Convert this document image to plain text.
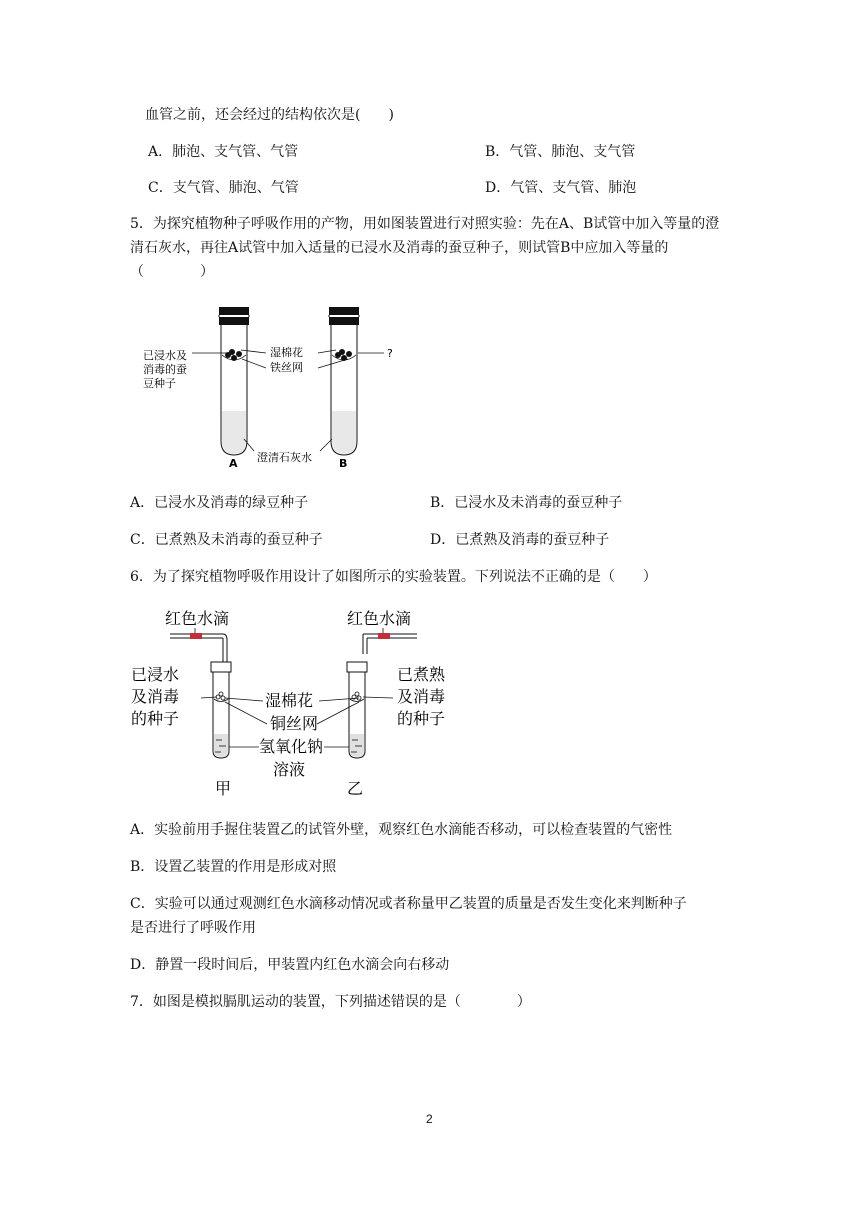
血管之前，还会经过的结构依次是(　　)
A．肺泡、支气管、气管	B．气管、肺泡、支气管
C．支气管、肺泡、气管	D．气管、支气管、肺泡
5．为探究植物种子呼吸作用的产物，用如图装置进行对照实验：先在A、B试管中加入等量的澄清石灰水，再往A试管中加入适量的已浸水及消毒的蚕豆种子，则试管B中应加入等量的（　　　　）
已浸水及
消毒的蚕
豆种子
湿棉花
铁丝网
?
澄清石灰水
A	B
A．已浸水及消毒的绿豆种子	B．已浸水及未消毒的蚕豆种子
C．已煮熟及未消毒的蚕豆种子	D．已煮熟及消毒的蚕豆种子
6．为了探究植物呼吸作用设计了如图所示的实验装置。下列说法不正确的是（　　）
红色水滴	红色水滴
已浸水
及消毒
的种子
已煮熟
及消毒
的种子
湿棉花
铜丝网
氢氧化钠
溶液
甲	乙
A．实验前用手握住装置乙的试管外壁，观察红色水滴能否移动，可以检查装置的气密性
B．设置乙装置的作用是形成对照
C．实验可以通过观测红色水滴移动情况或者称量甲乙装置的质量是否发生变化来判断种子
是否进行了呼吸作用
D．静置一段时间后，甲装置内红色水滴会向右移动
7．如图是模拟膈肌运动的装置，下列描述错误的是（　　　　）
2
